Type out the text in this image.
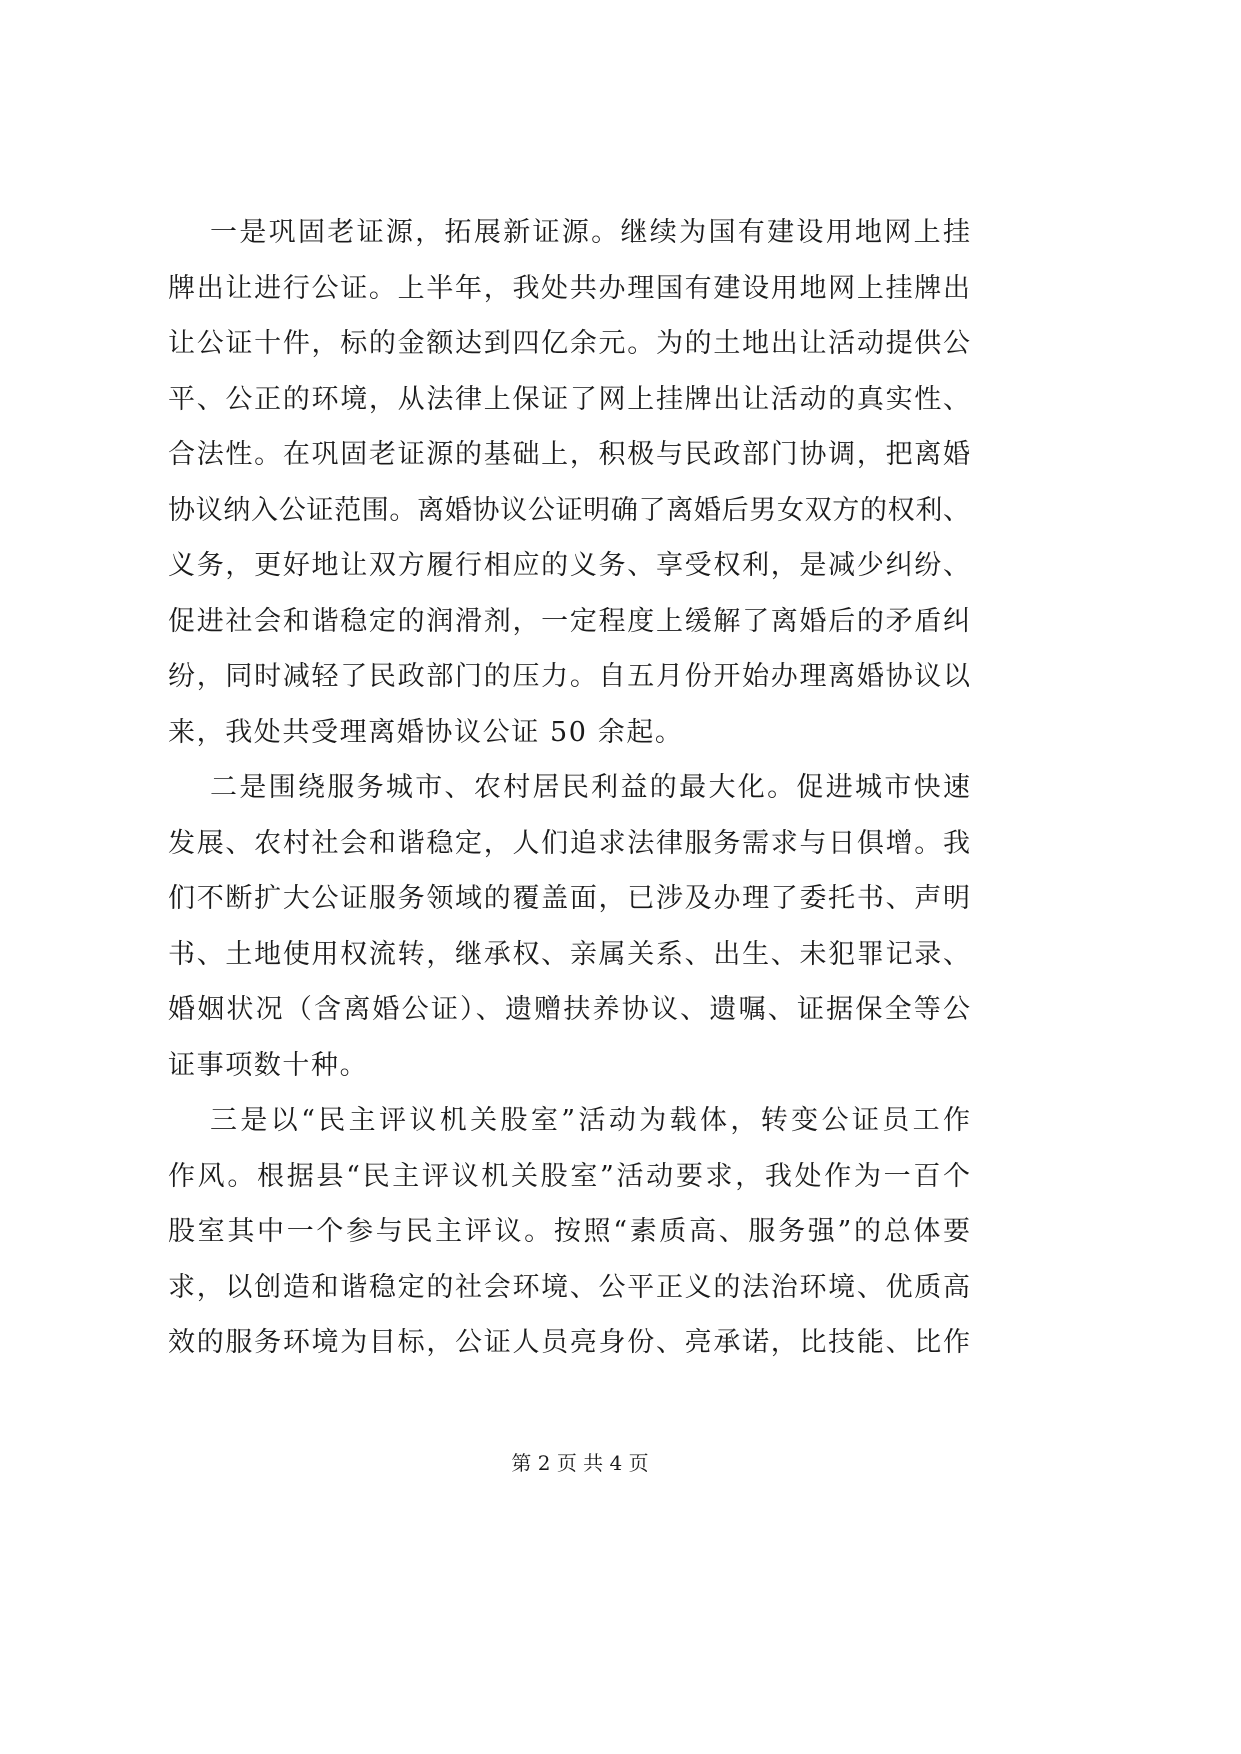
一是巩固老证源，拓展新证源。继续为国有建设用地网上挂
牌出让进行公证。上半年，我处共办理国有建设用地网上挂牌出
让公证十件，标的金额达到四亿余元。为的土地出让活动提供公
平、公正的环境，从法律上保证了网上挂牌出让活动的真实性、
合法性。在巩固老证源的基础上，积极与民政部门协调，把离婚
协议纳入公证范围。离婚协议公证明确了离婚后男女双方的权利、
义务，更好地让双方履行相应的义务、享受权利，是减少纠纷、
促进社会和谐稳定的润滑剂，一定程度上缓解了离婚后的矛盾纠
纷，同时减轻了民政部门的压力。自五月份开始办理离婚协议以
来，我处共受理离婚协议公证 50 余起。
二是围绕服务城市、农村居民利益的最大化。促进城市快速
发展、农村社会和谐稳定，人们追求法律服务需求与日俱增。我
们不断扩大公证服务领域的覆盖面，已涉及办理了委托书、声明
书、土地使用权流转，继承权、亲属关系、出生、未犯罪记录、
婚姻状况（含离婚公证）、遗赠扶养协议、遗嘱、证据保全等公
证事项数十种。
三是以“民主评议机关股室”活动为载体，转变公证员工作
作风。根据县“民主评议机关股室”活动要求，我处作为一百个
股室其中一个参与民主评议。按照“素质高、服务强”的总体要
求，以创造和谐稳定的社会环境、公平正义的法治环境、优质高
效的服务环境为目标，公证人员亮身份、亮承诺，比技能、比作
第 2 页 共 4 页
